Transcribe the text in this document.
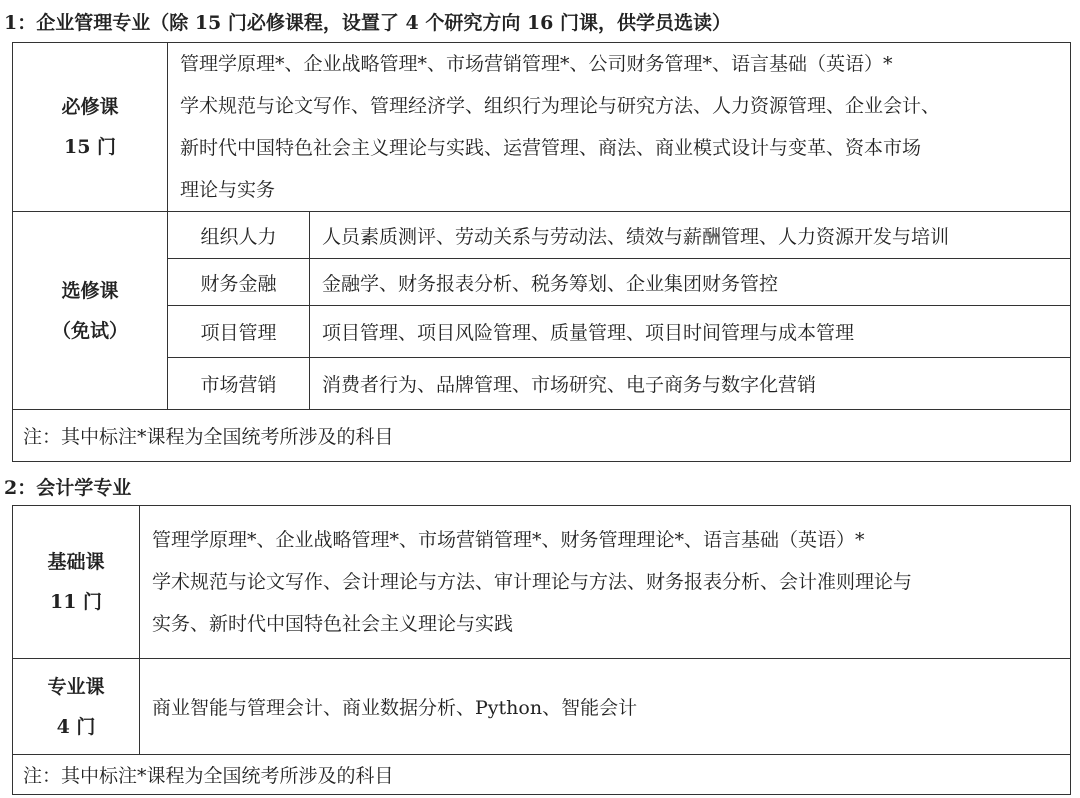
1：企业管理专业（除 15 门必修课程，设置了 4 个研究方向 16 门课，供学员选读）
必修课
15 门	管理学原理*、企业战略管理*、市场营销管理*、公司财务管理*、语言基础（英语）*
学术规范与论文写作、管理经济学、组织行为理论与研究方法、人力资源管理、企业会计、
新时代中国特色社会主义理论与实践、运营管理、商法、商业模式设计与变革、资本市场
理论与实务	

选修课
（免试）	组织人力	人员素质测评、劳动关系与劳动法、绩效与薪酬管理、人力资源开发与培训
	财务金融	金融学、财务报表分析、税务筹划、企业集团财务管控
	项目管理	项目管理、项目风险管理、质量管理、项目时间管理与成本管理
	市场营销	消费者行为、品牌管理、市场研究、电子商务与数字化营销
注：其中标注*课程为全国统考所涉及的科目		
2：会计学专业
基础课
11 门	管理学原理*、企业战略管理*、市场营销管理*、财务管理理论*、语言基础（英语）*
学术规范与论文写作、会计理论与方法、审计理论与方法、财务报表分析、会计准则理论与
实务、新时代中国特色社会主义理论与实践

专业课
4 门	商业智能与管理会计、商业数据分析、Python、智能会计
注：其中标注*课程为全国统考所涉及的科目	
